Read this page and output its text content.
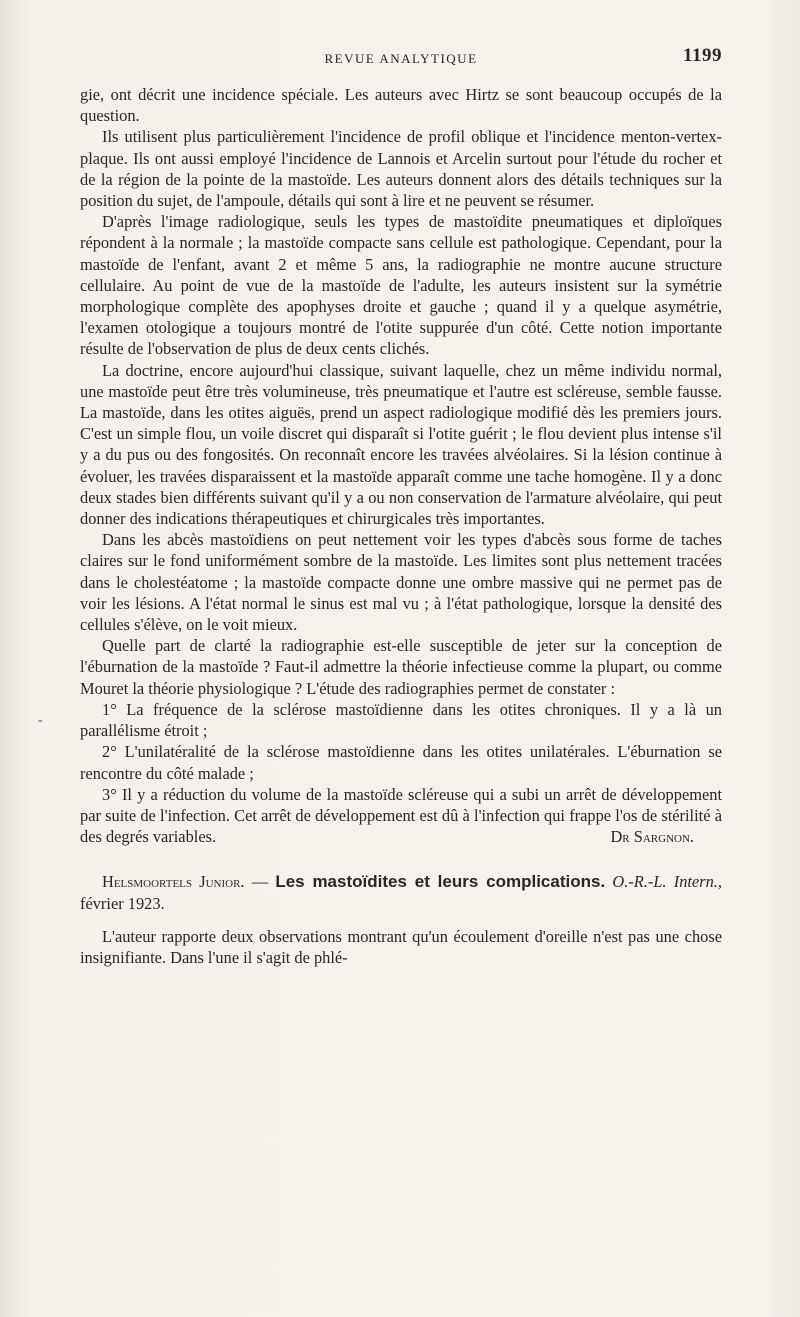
REVUE ANALYTIQUE	1199
-

gie, ont décrit une incidence spéciale. Les auteurs avec Hirtz se sont beaucoup occupés de la question.

Ils utilisent plus particulièrement l'incidence de profil oblique et l'incidence menton-vertex-plaque. Ils ont aussi employé l'incidence de Lannois et Arcelin surtout pour l'étude du rocher et de la région de la pointe de la mastoïde. Les auteurs donnent alors des détails techniques sur la position du sujet, de l'ampoule, détails qui sont à lire et ne peuvent se résumer.

D'après l'image radiologique, seuls les types de mastoïdite pneumatiques et diploïques répondent à la normale ; la mastoïde compacte sans cellule est pathologique. Cependant, pour la mastoïde de l'enfant, avant 2 et même 5 ans, la radiographie ne montre aucune structure cellulaire. Au point de vue de la mastoïde de l'adulte, les auteurs insistent sur la symétrie morphologique complète des apophyses droite et gauche ; quand il y a quelque asymétrie, l'examen otologique a toujours montré de l'otite suppurée d'un côté. Cette notion importante résulte de l'observation de plus de deux cents clichés.

La doctrine, encore aujourd'hui classique, suivant laquelle, chez un même individu normal, une mastoïde peut être très volumineuse, très pneumatique et l'autre est scléreuse, semble fausse. La mastoïde, dans les otites aiguës, prend un aspect radiologique modifié dès les premiers jours. C'est un simple flou, un voile discret qui disparaît si l'otite guérit ; le flou devient plus intense s'il y a du pus ou des fongosités. On reconnaît encore les travées alvéolaires. Si la lésion continue à évoluer, les travées disparaissent et la mastoïde apparaît comme une tache homogène. Il y a donc deux stades bien différents suivant qu'il y a ou non conservation de l'armature alvéolaire, qui peut donner des indications thérapeutiques et chirurgicales très importantes.

Dans les abcès mastoïdiens on peut nettement voir les types d'abcès sous forme de taches claires sur le fond uniformément sombre de la mastoïde. Les limites sont plus nettement tracées dans le cholestéatome ; la mastoïde compacte donne une ombre massive qui ne permet pas de voir les lésions. A l'état normal le sinus est mal vu ; à l'état pathologique, lorsque la densité des cellules s'élève, on le voit mieux.

Quelle part de clarté la radiographie est-elle susceptible de jeter sur la conception de l'éburnation de la mastoïde ? Faut-il admettre la théorie infectieuse comme la plupart, ou comme Mouret la théorie physiologique ? L'étude des radiographies permet de constater :

1° La fréquence de la sclérose mastoïdienne dans les otites chroniques. Il y a là un parallélisme étroit ;

2° L'unilatéralité de la sclérose mastoïdienne dans les otites unilatérales. L'éburnation se rencontre du côté malade ;

3° Il y a réduction du volume de la mastoïde scléreuse qui a subi un arrêt de développement par suite de l'infection. Cet arrêt de développement est dû à l'infection qui frappe l'os de stérilité à des degrés variables.	Dr Sargnon.

Helsmoortels Junior. — Les mastoïdites et leurs complications. O.-R.-L. Intern., février 1923.

L'auteur rapporte deux observations montrant qu'un écoulement d'oreille n'est pas une chose insignifiante. Dans l'une il s'agit de phlé-
